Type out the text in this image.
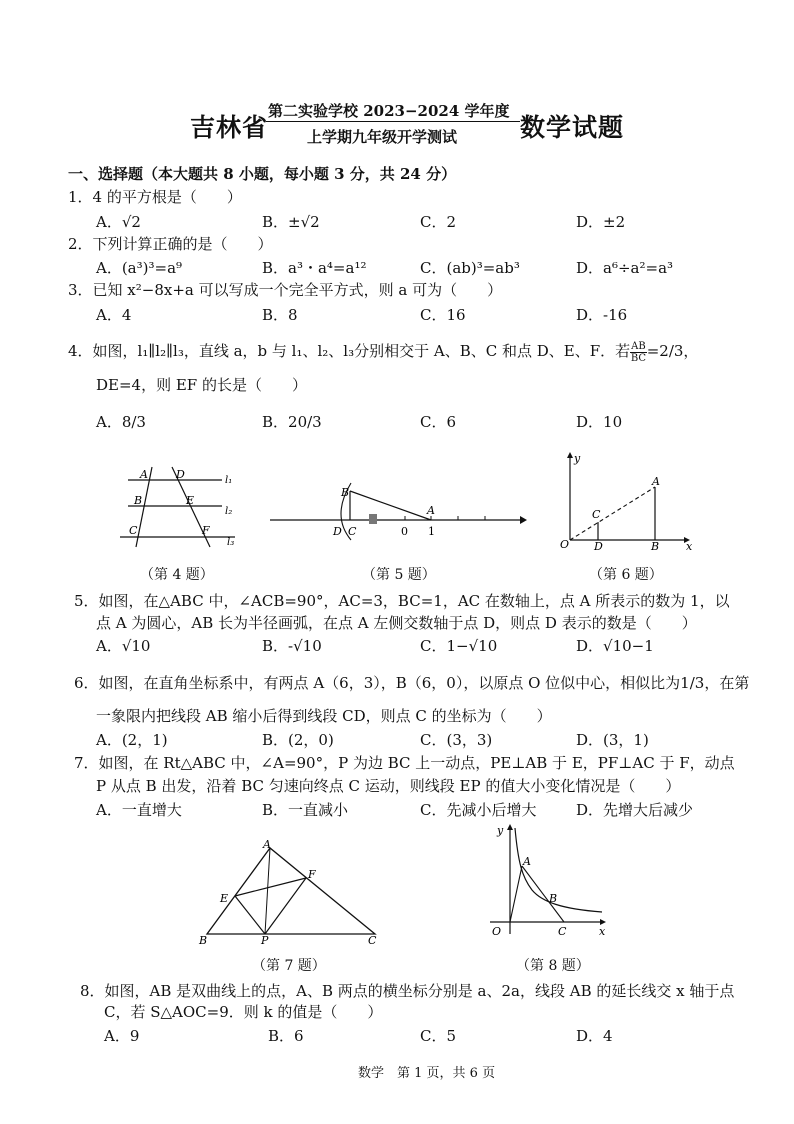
吉林省
第二实验学校 2023−2024 学年度
上学期九年级开学测试	数学试题
一、选择题（本大题共 8 小题，每小题 3 分，共 24 分）
1．4 的平方根是（　　）
A．√2	B．±√2	C．2	D．±2
2．下列计算正确的是（　　）
A．(a³)³=a⁹	B．a³・a⁴=a¹²	C．(ab)³=ab³	D．a⁶÷a²=a³
3．已知 x²−8x+a 可以写成一个完全平方式，则 a 可为（　　）
A．4	B．8	C．16	D．-16
4．如图，l₁∥l₂∥l₃，直线 a，b 与 l₁、l₂、l₃分别相交于 A、B、C 和点 D、E、F．若 $\frac{AB}{BC} =2/3$，
DE=4，则 EF 的长是（　　）
A．8/3	B．20/3	C．6	D．10
A	D	l₁
B	E
l₂
C	F
l₃
B
D C
A
0 1
y
A
C
O D	B x
（第 4 题）	（第 5 题）	（第 6 题）
5．如图，在△ABC 中，∠ACB=90°，AC=3，BC=1，AC 在数轴上，点 A 所表示的数为 1，以
点 A 为圆心，AB 长为半径画弧，在点 A 左侧交数轴于点 D，则点 D 表示的数是（　　）
A．√10	B．-√10	C．1−√10	D．√10−1
6．如图，在直角坐标系中，有两点 A（6，3），B（6，0），以原点 O 位似中心，相似比为1/3，在第
一象限内把线段 AB 缩小后得到线段 CD，则点 C 的坐标为（　　）
A．(2，1)	B．(2，0)	C．(3，3)	D．(3，1)
7．如图，在 Rt△ABC 中，∠A=90°，P 为边 BC 上一动点，PE⊥AB 于 E，PF⊥AC 于 F，动点
P 从点 B 出发，沿着 BC 匀速向终点 C 运动，则线段 EP 的值大小变化情况是（　　）
A．一直增大	B．一直减小	C．先减小后增大	D．先增大后减少
A
F
E
B	P	C
y
A
B
O	C	x
（第 7 题）	（第 8 题）
8．如图，AB 是双曲线上的点，A、B 两点的横坐标分别是 a、2a，线段 AB 的延长线交 x 轴于点
C，若 S△AOC=9．则 k 的值是（　　）
A．9	B．6	C．5	D．4
数学　第 1 页，共 6 页
